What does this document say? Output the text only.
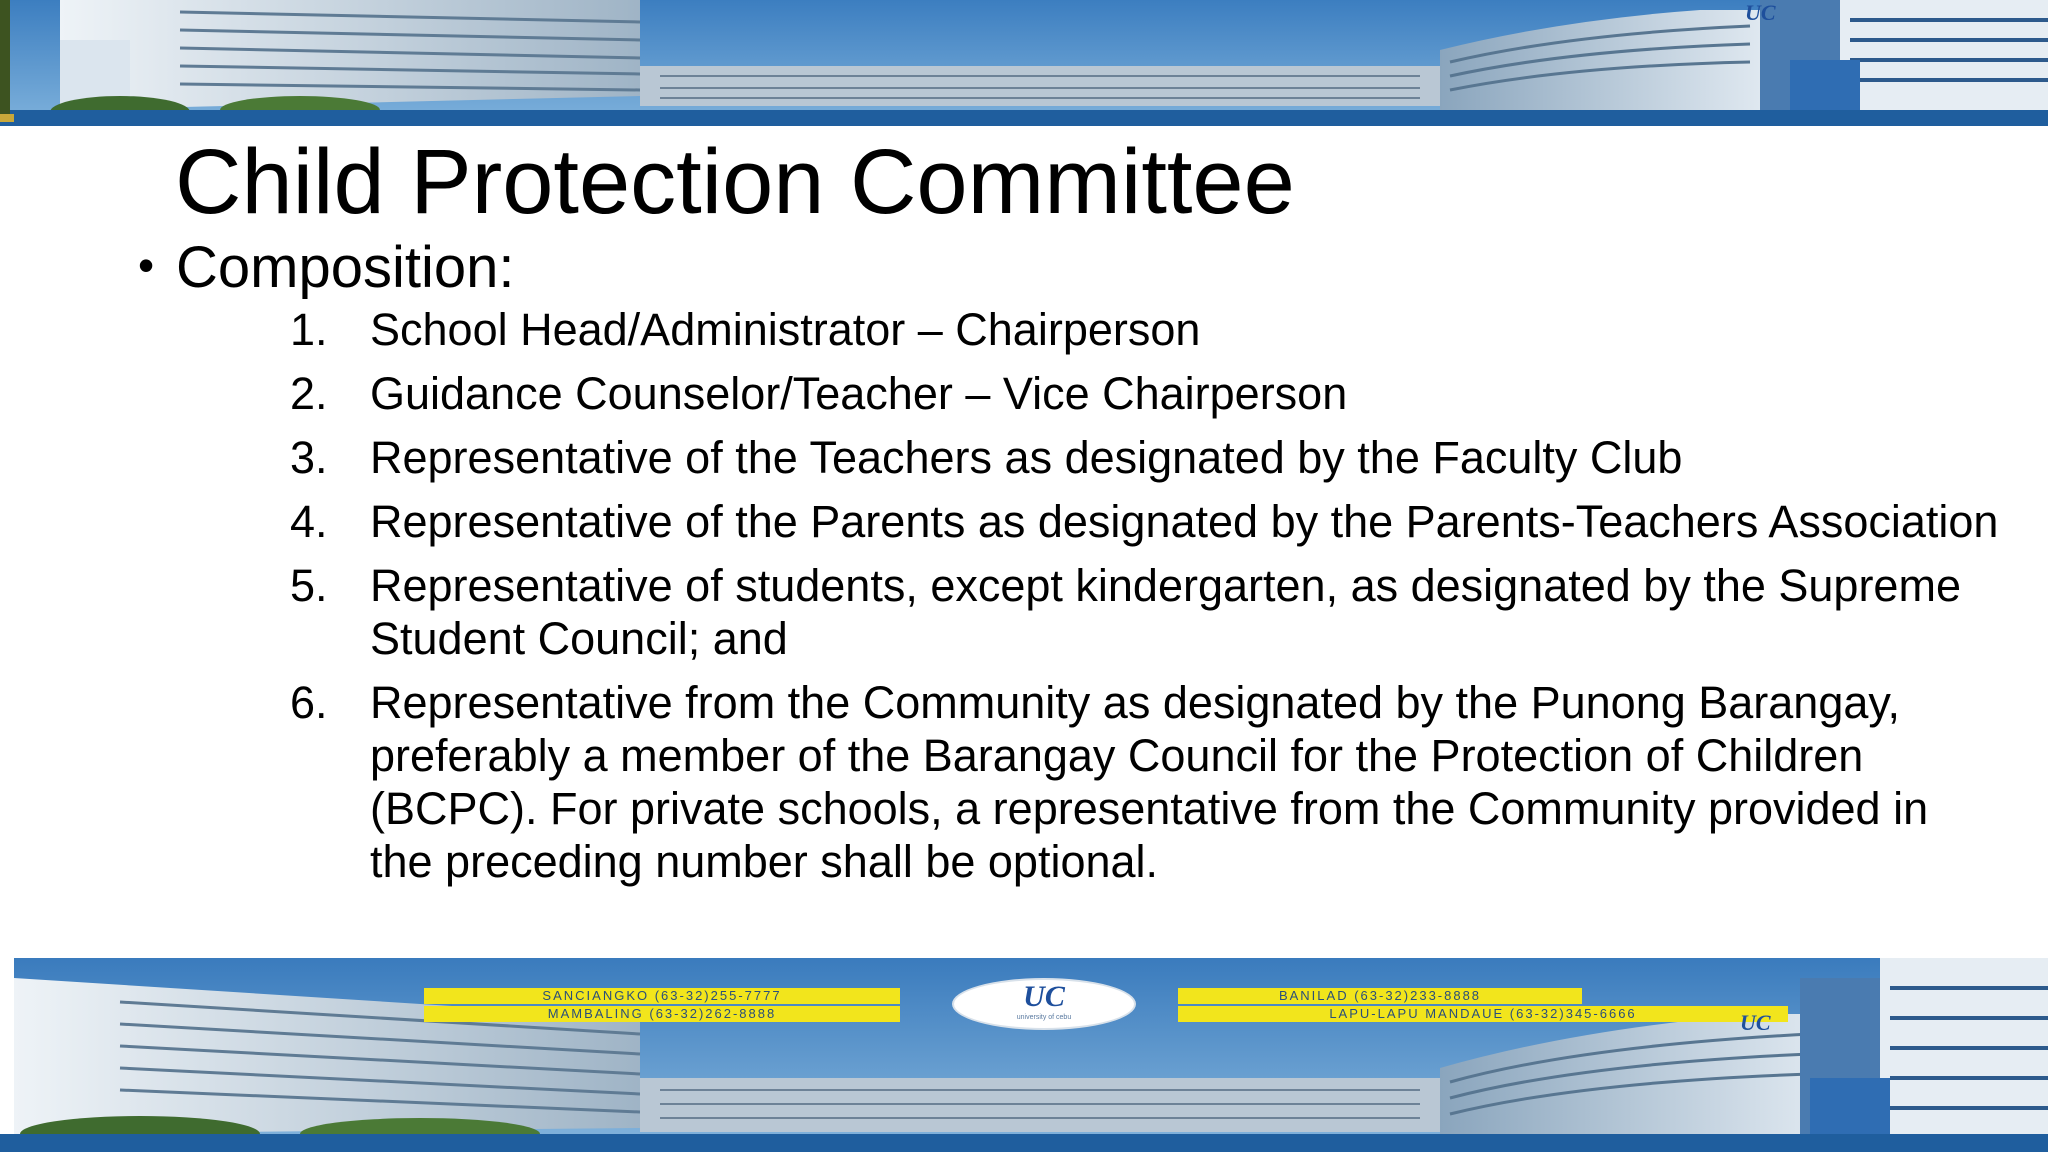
UC
Child Protection Committee
• Composition:
1. School Head/Administrator – Chairperson
2. Guidance Counselor/Teacher – Vice Chairperson
3. Representative of the Teachers as designated by the Faculty Club
4. Representative of the Parents as designated by the Parents-Teachers Association
5. Representative of students, except kindergarten, as designated by the Supreme Student Council; and
6. Representative from the Community as designated by the Punong Barangay, preferably a member of the Barangay Council for the Protection of Children (BCPC). For private schools, a representative from the Community provided in the preceding number shall be optional.
SANCIANGKO (63-32)255-7777
MAMBALING (63-32)262-8888
BANILAD (63-32)233-8888
LAPU-LAPU MANDAUE (63-32)345-6666
UC
university of cebu	UC
